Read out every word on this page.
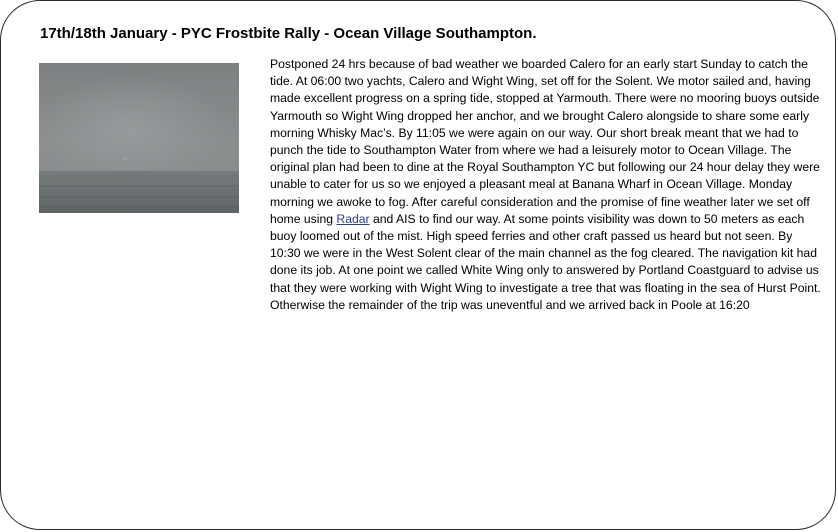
17th/18th January - PYC Frostbite Rally - Ocean Village Southampton.

Postponed 24 hrs because of bad weather we boarded Calero for an early start Sunday to catch the tide. At 06:00 two yachts, Calero and Wight Wing, set off for the Solent. We motor sailed and, having made excellent progress on a spring tide, stopped at Yarmouth. There were no mooring buoys outside Yarmouth so Wight Wing dropped her anchor, and we brought Calero alongside to share some early morning Whisky Mac’s. By 11:05 we were again on our way. Our short break meant that we had to punch the tide to Southampton Water from where we had a leisurely motor to Ocean Village. The original plan had been to dine at the Royal Southampton YC but following our 24 hour delay they were unable to cater for us so we enjoyed a pleasant meal at Banana Wharf in Ocean Village. Monday morning we awoke to fog. After careful consideration and the promise of fine weather later we set off home using Radar and AIS to find our way. At some points visibility was down to 50 meters as each buoy loomed out of the mist. High speed ferries and other craft passed us heard but not seen. By 10:30 we were in the West Solent clear of the main channel as the fog cleared. The navigation kit had done its job. At one point we called White Wing only to answered by Portland Coastguard to advise us that they were working with Wight Wing to investigate a tree that was floating in the sea of Hurst Point. Otherwise the remainder of the trip was uneventful and we arrived back in Poole at 16:20
